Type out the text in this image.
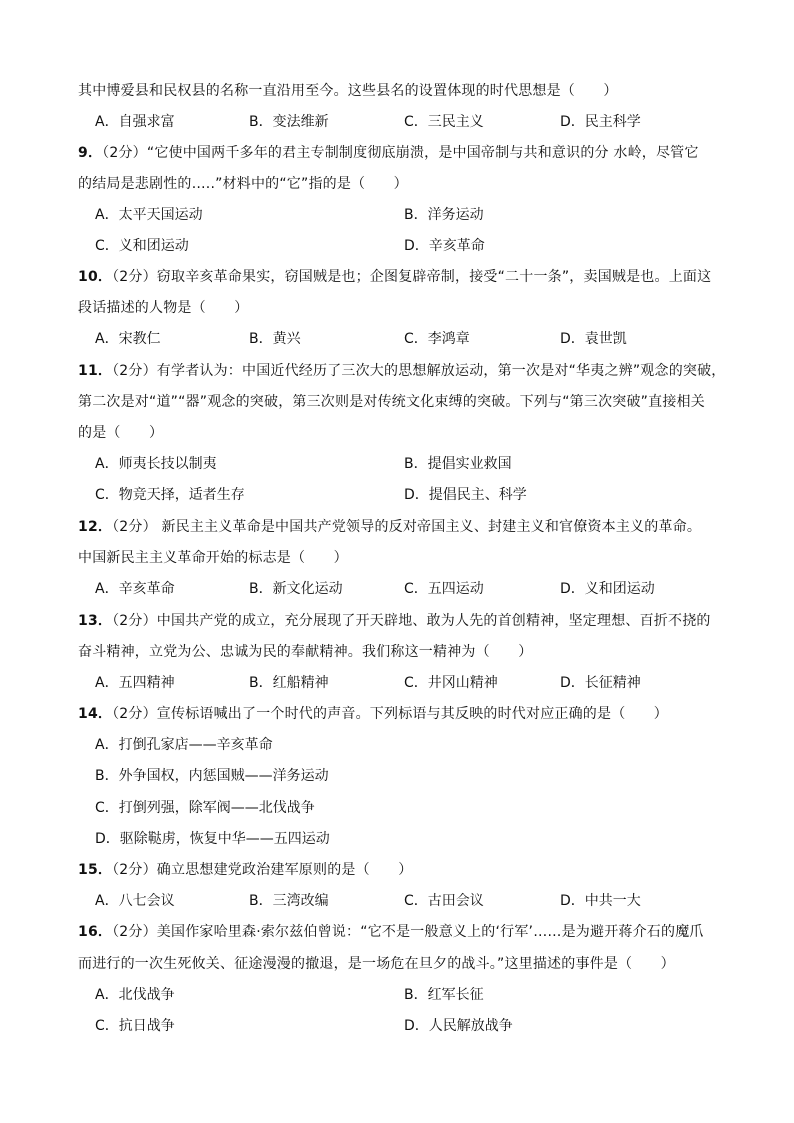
其中博爱县和民权县的名称一直沿用至今。这些县名的设置体现的时代思想是（　　）
A．自强求富	B．变法维新	C．三民主义	D．民主科学
9．（2分）“它使中国两千多年的君主专制制度彻底崩溃，是中国帝制与共和意识的分 水岭，尽管它
的结局是悲剧性的…..”材料中的“它”指的是（　　）
A．太平天国运动	B．洋务运动
C．义和团运动	D．辛亥革命
10．（2分）窃取辛亥革命果实，窃国贼是也；企图复辟帝制，接受“二十一条”，卖国贼是也。上面这
段话描述的人物是（　　）
A．宋教仁	B．黄兴	C．李鸿章	D．袁世凯
11．（2分）有学者认为：中国近代经历了三次大的思想解放运动，第一次是对“华夷之辨”观念的突破，
第二次是对“道”“器”观念的突破，第三次则是对传统文化束缚的突破。下列与“第三次突破”直接相关
的是（　　）
A．师夷长技以制夷	B．提倡实业救国
C．物竞天择，适者生存	D．提倡民主、科学
12．（2分） 新民主主义革命是中国共产党领导的反对帝国主义、封建主义和官僚资本主义的革命。
中国新民主主义革命开始的标志是（　　）
A．辛亥革命	B．新文化运动	C．五四运动	D．义和团运动
13．（2分）中国共产党的成立，充分展现了开天辟地、敢为人先的首创精神，坚定理想、百折不挠的
奋斗精神，立党为公、忠诚为民的奉献精神。我们称这一精神为（　　）
A．五四精神	B．红船精神	C．井冈山精神	D．长征精神
14．（2分）宣传标语喊出了一个时代的声音。下列标语与其反映的时代对应正确的是（　　）
A．打倒孔家店——辛亥革命
B．外争国权，内惩国贼——洋务运动
C．打倒列强，除军阀——北伐战争
D．驱除鞑虏，恢复中华——五四运动
15．（2分）确立思想建党政治建军原则的是（　　）
A．八七会议	B．三湾改编	C．古田会议	D．中共一大
16．（2分）美国作家哈里森·索尔兹伯曾说：“它不是一般意义上的‘行军’……是为避开蒋介石的魔爪
而进行的一次生死攸关、征途漫漫的撤退，是一场危在旦夕的战斗。”这里描述的事件是（　　）
A．北伐战争	B．红军长征
C．抗日战争	D．人民解放战争
